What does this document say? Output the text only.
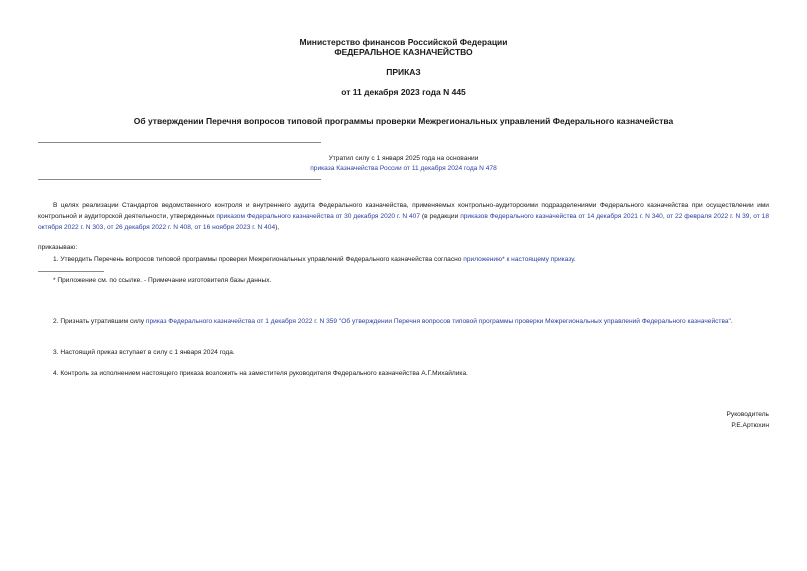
Министерство финансов Российской Федерации
ФЕДЕРАЛЬНОЕ КАЗНАЧЕЙСТВО
ПРИКАЗ
от 11 декабря 2023 года N 445
Об утверждении Перечня вопросов типовой программы проверки Межрегиональных управлений Федерального казначейства
Утратил силу с 1 января 2025 года на основании
приказа Казначейства России от 11 декабря 2024 года N 478
В целях реализации Стандартов ведомственного контроля и внутреннего аудита Федерального казначейства, применяемых контрольно-аудиторскими подразделениями Федерального казначейства при осуществлении ими контрольной и аудиторской деятельности, утвержденных приказом Федерального казначейства от 30 декабря 2020 г. N 407 (в редакции приказов Федерального казначейства от 14 декабря 2021 г. N 340, от 22 февраля 2022 г. N 39, от 18 октября 2022 г. N 303, от 26 декабря 2022 г. N 408, от 16 ноября 2023 г. N 404),
приказываю:
1. Утвердить Перечень вопросов типовой программы проверки Межрегиональных управлений Федерального казначейства согласно приложению* к настоящему приказу.
* Приложение см. по ссылке. - Примечание изготовителя базы данных.
2. Признать утратившим силу приказ Федерального казначейства от 1 декабря 2022 г. N 359 "Об утверждении Перечня вопросов типовой программы проверки Межрегиональных управлений Федерального казначейства".
3. Настоящий приказ вступает в силу с 1 января 2024 года.
4. Контроль за исполнением настоящего приказа возложить на заместителя руководителя Федерального казначейства А.Г.Михайлика.
Руководитель
Р.Е.Артюхин
